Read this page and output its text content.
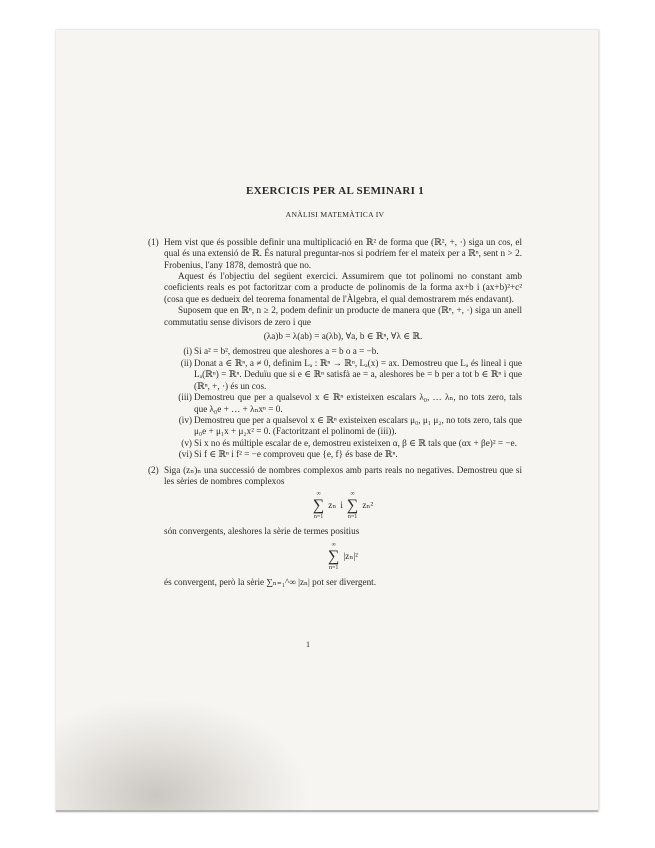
EXERCICIS PER AL SEMINARI 1
ANÀLISI MATEMÀTICA IV
(1) Hem vist que és possible definir una multiplicació en ℝ² de forma que (ℝ², +, ·) siga un cos, el qual és una extensió de ℝ. És natural preguntar-nos si podríem fer el mateix per a ℝⁿ, sent n > 2. Frobenius, l'any 1878, demostrà que no.
Aquest és l'objectiu del següent exercici. Assumirem que tot polinomi no constant amb coeficients reals es pot factoritzar com a producte de polinomis de la forma ax+b i (ax+b)²+c² (cosa que es dedueix del teorema fonamental de l'Àlgebra, el qual demostrarem més endavant).
Suposem que en ℝⁿ, n ≥ 2, podem definir un producte de manera que (ℝⁿ, +, ·) siga un anell commutatiu sense divisors de zero i que
(λa)b = λ(ab) = a(λb), ∀a, b ∈ ℝⁿ, ∀λ ∈ ℝ.
(i) Si a² = b², demostreu que aleshores a = b o a = −b.
(ii) Donat a ∈ ℝⁿ, a ≠ 0, definim Lₐ : ℝⁿ → ℝⁿ, Lₐ(x) = ax. Demostreu que Lₐ és lineal i que Lₐ(ℝⁿ) = ℝⁿ. Deduïu que si e ∈ ℝⁿ satisfà ae = a, aleshores be = b per a tot b ∈ ℝⁿ i que (ℝⁿ, +, ·) és un cos.
(iii) Demostreu que per a qualsevol x ∈ ℝⁿ existeixen escalars λ₀, … λₙ, no tots zero, tals que λ₀e + … + λₙxⁿ = 0.
(iv) Demostreu que per a qualsevol x ∈ ℝⁿ existeixen escalars μ₀, μ₁ μ₂, no tots zero, tals que μ₀e + μ₁x + μ₂x² = 0. (Factoritzant el polinomi de (iii)).
(v) Si x no és múltiple escalar de e, demostreu existeixen α, β ∈ ℝ tals que (αx + βe)² = −e.
(vi) Si f ∈ ℝⁿ i f² = −e comproveu que {e, f} és base de ℝⁿ.
(2) Siga (zₙ)ₙ una successió de nombres complexos amb parts reals no negatives. Demostreu que si les sèries de nombres complexos
∞
∑
n=1
zₙ i
∞
∑
n=1
zₙ²
són convergents, aleshores la sèrie de termes positius
∞
∑
n=1
|zₙ|²
és convergent, però la sèrie ∑ₙ₌₁^∞ |zₙ| pot ser divergent.
1
